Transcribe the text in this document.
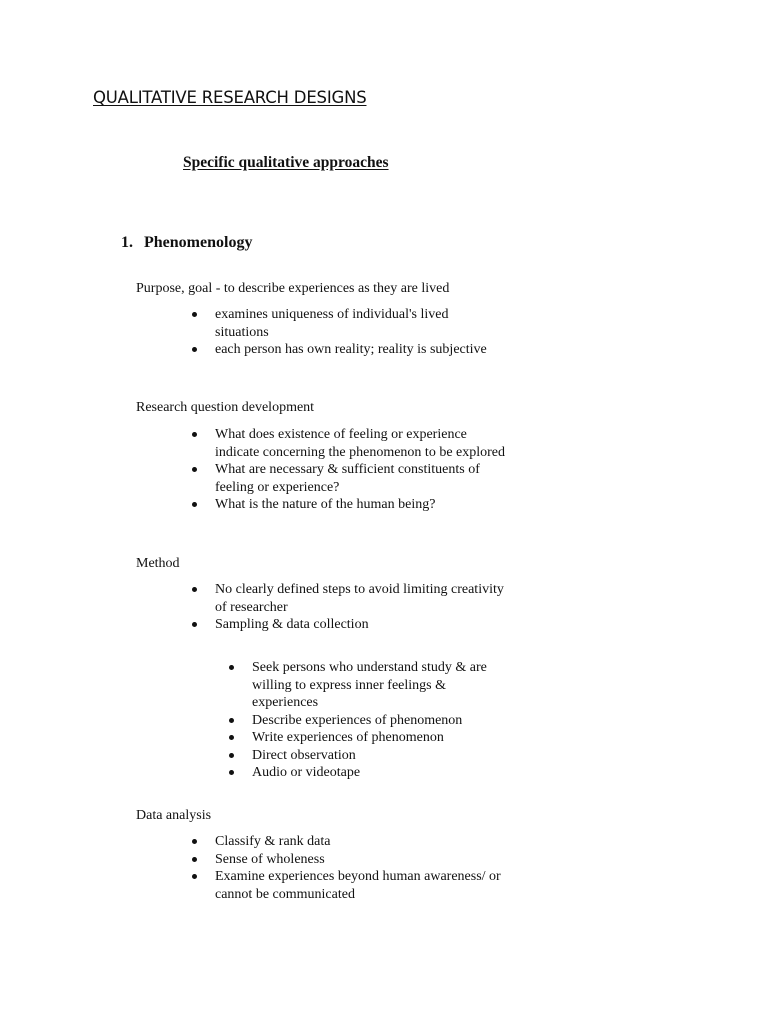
QUALITATIVE RESEARCH DESIGNS
Specific qualitative approaches
1. Phenomenology

Purpose, goal - to describe experiences as they are lived

examines uniqueness of individual's lived situations
each person has own reality; reality is subjective

Research question development

What does existence of feeling or experience indicate concerning the phenomenon to be explored
What are necessary & sufficient constituents of feeling or experience?
What is the nature of the human being?

Method

No clearly defined steps to avoid limiting creativity of researcher
Sampling & data collection
Seek persons who understand study & are willing to express inner feelings & experiences
Describe experiences of phenomenon
Write experiences of phenomenon
Direct observation
Audio or videotape

Data analysis

Classify & rank data
Sense of wholeness
Examine experiences beyond human awareness/ or cannot be communicated
